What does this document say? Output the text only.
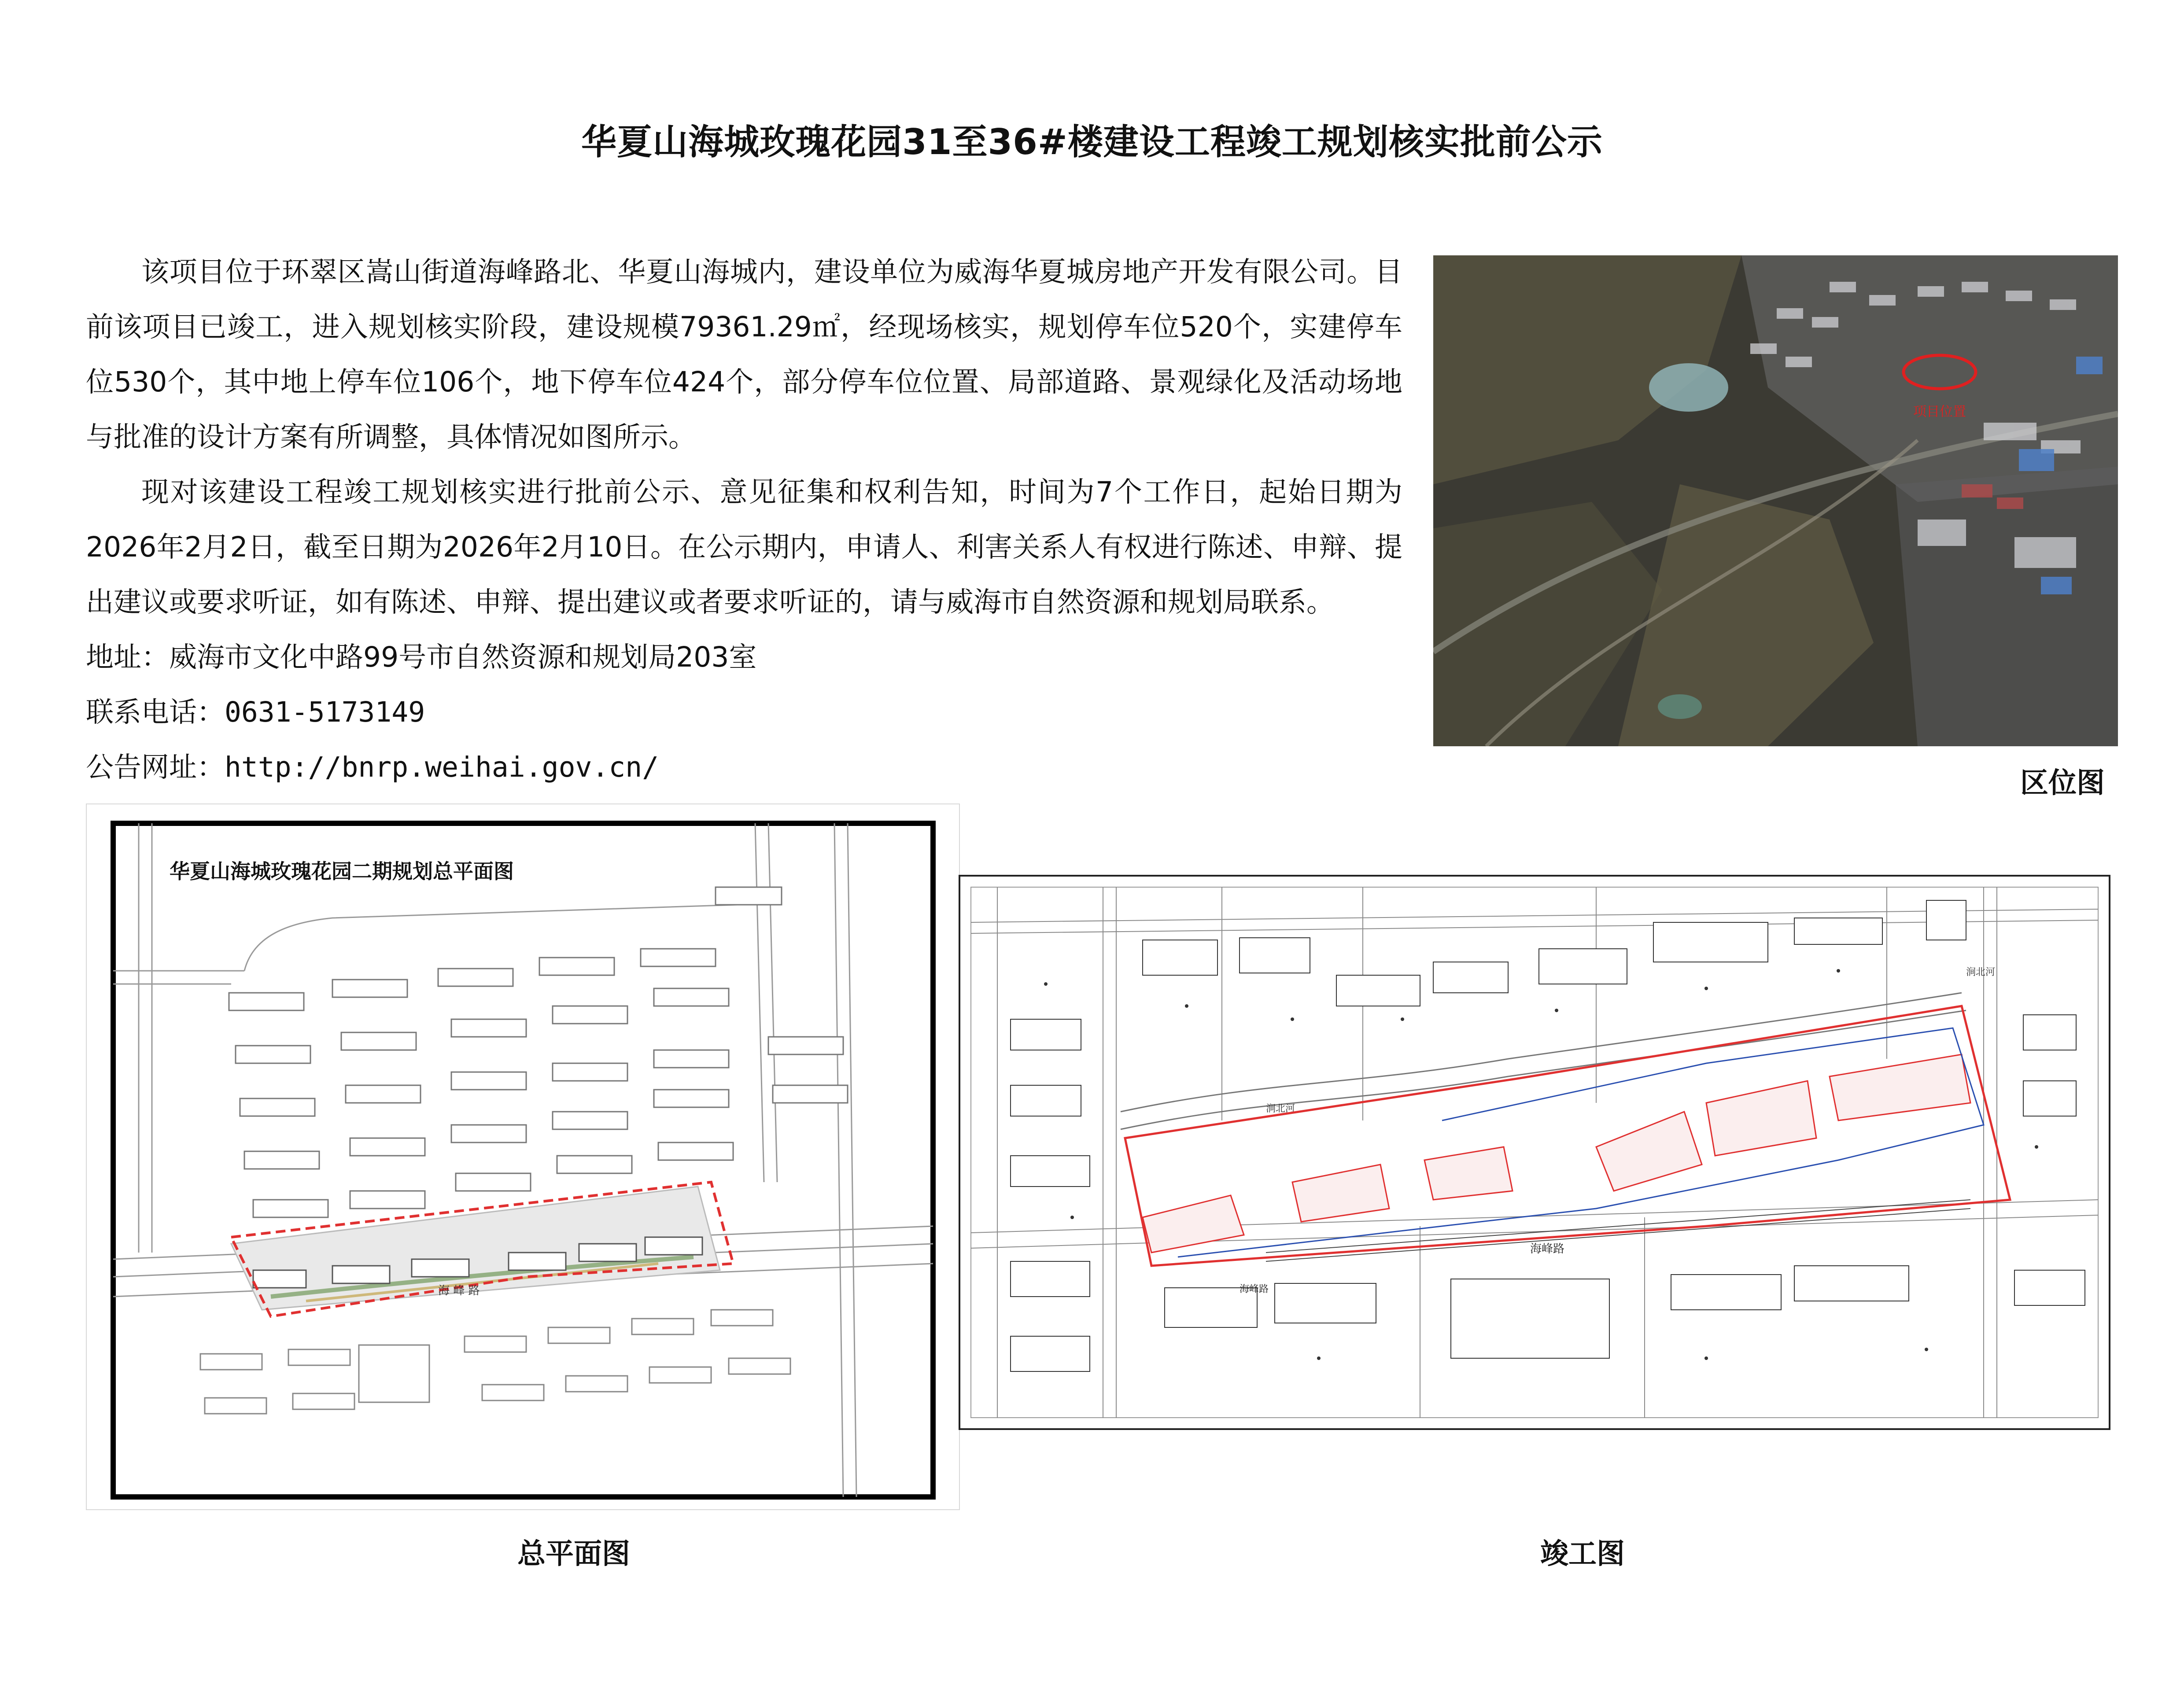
华夏山海城玫瑰花园31至36#楼建设工程竣工规划核实批前公示

该项目位于环翠区嵩山街道海峰路北、华夏山海城内，建设单位为威海华夏城房地产开发有限公司。目前该项目已竣工，进入规划核实阶段，建设规模79361.29㎡，经现场核实，规划停车位520个，实建停车位530个，其中地上停车位106个，地下停车位424个，部分停车位位置、局部道路、景观绿化及活动场地与批准的设计方案有所调整，具体情况如图所示。

现对该建设工程竣工规划核实进行批前公示、意见征集和权利告知，时间为7个工作日，起始日期为2026年2月2日，截至日期为2026年2月10日。在公示期内，申请人、利害关系人有权进行陈述、申辩、提出建议或要求听证，如有陈述、申辩、提出建议或者要求听证的，请与威海市自然资源和规划局联系。

地址：威海市文化中路99号市自然资源和规划局203室

联系电话：0631-5173149

公告网址：http://bnrp.weihai.gov.cn/

项目位置
区位图
华夏山海城玫瑰花园二期规划总平面图
海 峰 路
总平面图
涧北河
涧北河
海峰路
海峰路
竣工图
